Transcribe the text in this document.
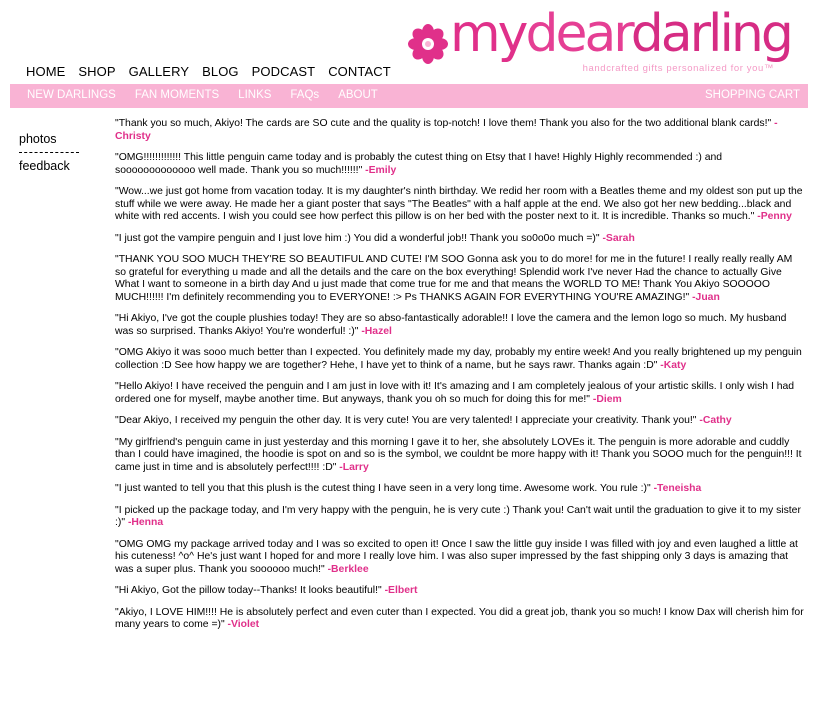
HOME SHOP GALLERY BLOG PODCAST CONTACT
mydeardarling
handcrafted gifts personalized for you™
NEW DARLINGS FAN MOMENTS LINKS FAQs ABOUT	SHOPPING CART
photos
feedback

"Thank you so much, Akiyo! The cards are SO cute and the quality is top-notch! I love them! Thank you also for the two additional blank cards!" -Christy

"OMG!!!!!!!!!!!!! This little penguin came today and is probably the cutest thing on Etsy that I have! Highly Highly recommended :) and sooooooooooooo well made. Thank you so much!!!!!!" -Emily

"Wow...we just got home from vacation today. It is my daughter's ninth birthday. We redid her room with a Beatles theme and my oldest son put up the stuff while we were away. He made her a giant poster that says "The Beatles" with a half apple at the end. We also got her new bedding...black and white with red accents. I wish you could see how perfect this pillow is on her bed with the poster next to it. It is incredible. Thanks so much." -Penny

"I just got the vampire penguin and I just love him :) You did a wonderful job!! Thank you so0o0o much =)" -Sarah

"THANK YOU SOO MUCH THEY'RE SO BEAUTIFUL AND CUTE! I'M SOO Gonna ask you to do more! for me in the future! I really really really AM so grateful for everything u made and all the details and the care on the box everything! Splendid work I've never Had the chance to actually Give What I want to someone in a birth day And u just made that come true for me and that means the WORLD TO ME! Thank You Akiyo SOOOOO MUCH!!!!!! I'm definitely recommending you to EVERYONE! :> Ps THANKS AGAIN FOR EVERYTHING YOU'RE AMAZING!" -Juan

"Hi Akiyo, I've got the couple plushies today! They are so abso-fantastically adorable!! I love the camera and the lemon logo so much. My husband was so surprised. Thanks Akiyo! You're wonderful! :)" -Hazel

"OMG Akiyo it was sooo much better than I expected. You definitely made my day, probably my entire week! And you really brightened up my penguin collection :D See how happy we are together? Hehe, I have yet to think of a name, but he says rawr. Thanks again :D" -Katy

"Hello Akiyo! I have received the penguin and I am just in love with it! It's amazing and I am completely jealous of your artistic skills. I only wish I had ordered one for myself, maybe another time. But anyways, thank you oh so much for doing this for me!" -Diem

"Dear Akiyo, I received my penguin the other day. It is very cute! You are very talented! I appreciate your creativity. Thank you!" -Cathy

"My girlfriend's penguin came in just yesterday and this morning I gave it to her, she absolutely LOVEs it. The penguin is more adorable and cuddly than I could have imagined, the hoodie is spot on and so is the symbol, we couldnt be more happy with it! Thank you SOOO much for the penguin!!! It came just in time and is absolutely perfect!!!! :D" -Larry

"I just wanted to tell you that this plush is the cutest thing I have seen in a very long time. Awesome work. You rule :)" -Teneisha

"I picked up the package today, and I'm very happy with the penguin, he is very cute :) Thank you! Can't wait until the graduation to give it to my sister :)" -Henna

"OMG OMG my package arrived today and I was so excited to open it! Once I saw the little guy inside I was filled with joy and even laughed a little at his cuteness! ^o^ He's just want I hoped for and more I really love him. I was also super impressed by the fast shipping only 3 days is amazing that was a super plus. Thank you soooooo much!" -Berklee

"Hi Akiyo, Got the pillow today--Thanks! It looks beautiful!" -Elbert

"Akiyo, I LOVE HIM!!!! He is absolutely perfect and even cuter than I expected. You did a great job, thank you so much! I know Dax will cherish him for many years to come =)" -Violet
